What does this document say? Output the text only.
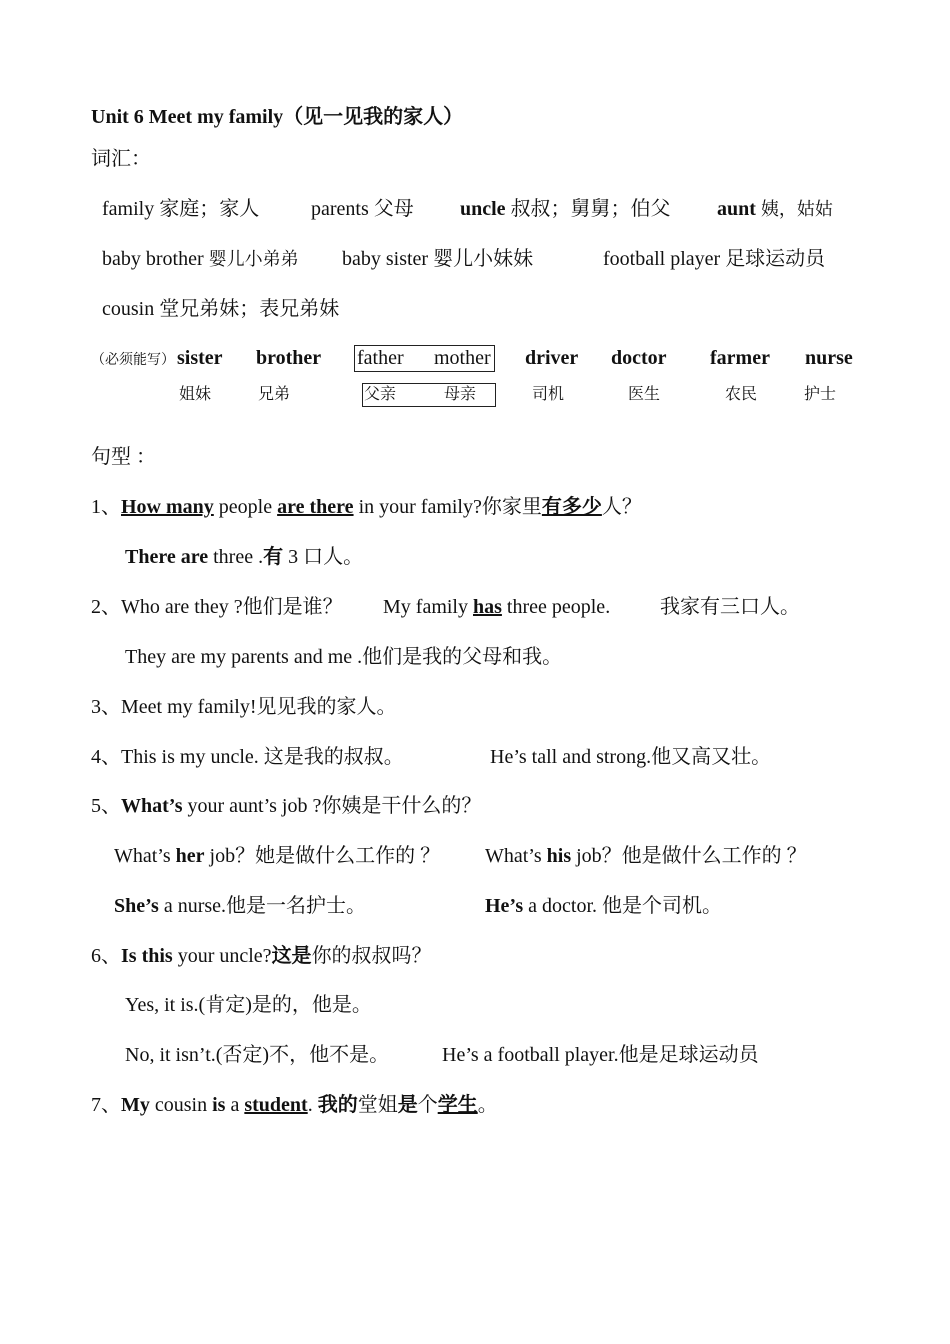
Unit 6 Meet my family（见一见我的家人）
词汇：
family 家庭；家人	parents 父母 uncle 叔叔；舅舅；伯父 aunt 姨，姑姑
baby brother 婴儿小弟弟 baby sister 婴儿小妹妹	football player 足球运动员
cousin 堂兄弟妹；表兄弟妹
（必须能写） sister brother father mother driver doctor farmer nurse
姐妹	兄弟	父亲	母亲	司机	医生	农民	护士
句型 ：
1、How many people are there in your family?你家里有多少人？
There are three .有 3 口人。
2、Who are they ?他们是谁？ My family has three people. 我家有三口人。
They are my parents and me .他们是我的父母和我。
3、Meet my family!见见我的家人。
4、This is my uncle. 这是我的叔叔。	He’s tall and strong.他又高又壮。
5、What’s your aunt’s job ?你姨是干什么的？
What’s her job？她是做什么工作的 ？ What’s his job？他是做什么工作的 ？
She’s a nurse.他是一名护士。	He’s a doctor. 他是个司机。
6、Is this your uncle?这是你的叔叔吗？
Yes, it is.(肯定)是的，他是。
No, it isn’t.(否定)不，他不是。	He’s a football player.他是足球运动员
7、My cousin is a student. 我的堂姐是个学生。
